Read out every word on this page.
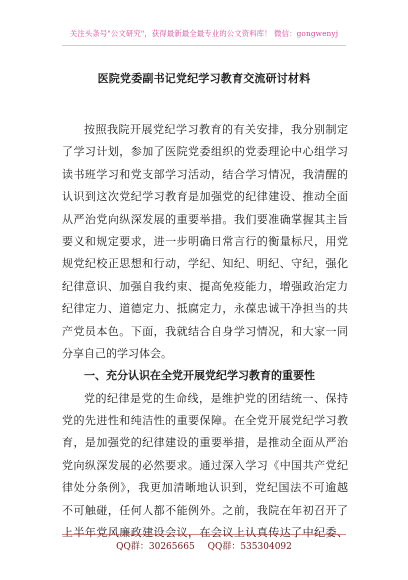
关注头条号"公文研究"，获得最新最全最专业的公文资料库！ 微信：gongwenyj
医院党委副书记党纪学习教育交流研讨材料
按照我院开展党纪学习教育的有关安排，我分别制定
了学习计划，参加了医院党委组织的党委理论中心组学习
读书班学习和党支部学习活动，结合学习情况，我清醒的
认识到这次党纪学习教育是加强党的纪律建设、推动全面
从严治党向纵深发展的重要举措。我们要准确掌握其主旨
要义和规定要求，进一步明确日常言行的衡量标尺，用党
规党纪校正思想和行动，学纪、知纪、明纪、守纪，强化
纪律意识、加强自我约束、提高免疫能力，增强政治定力
纪律定力、道德定力、抵腐定力，永葆忠诚干净担当的共
产党员本色。下面，我就结合自身学习情况，和大家一同
分享自己的学习体会。
一、充分认识在全党开展党纪学习教育的重要性
党的纪律是党的生命线，是维护党的团结统一、保持
党的先进性和纯洁性的重要保障。在全党开展党纪学习教
育，是加强党的纪律建设的重要举措，是推动全面从严治
党向纵深发展的必然要求。通过深入学习《中国共产党纪
律处分条例》，我更加清晰地认识到，党纪国法不可逾越
不可触碰，任何人都不能例外。之前，我院在年初召开了
上半年党风廉政建设会议，在会议上认真传达了中纪委、
QQ群：30265665 QQ群：535304092
